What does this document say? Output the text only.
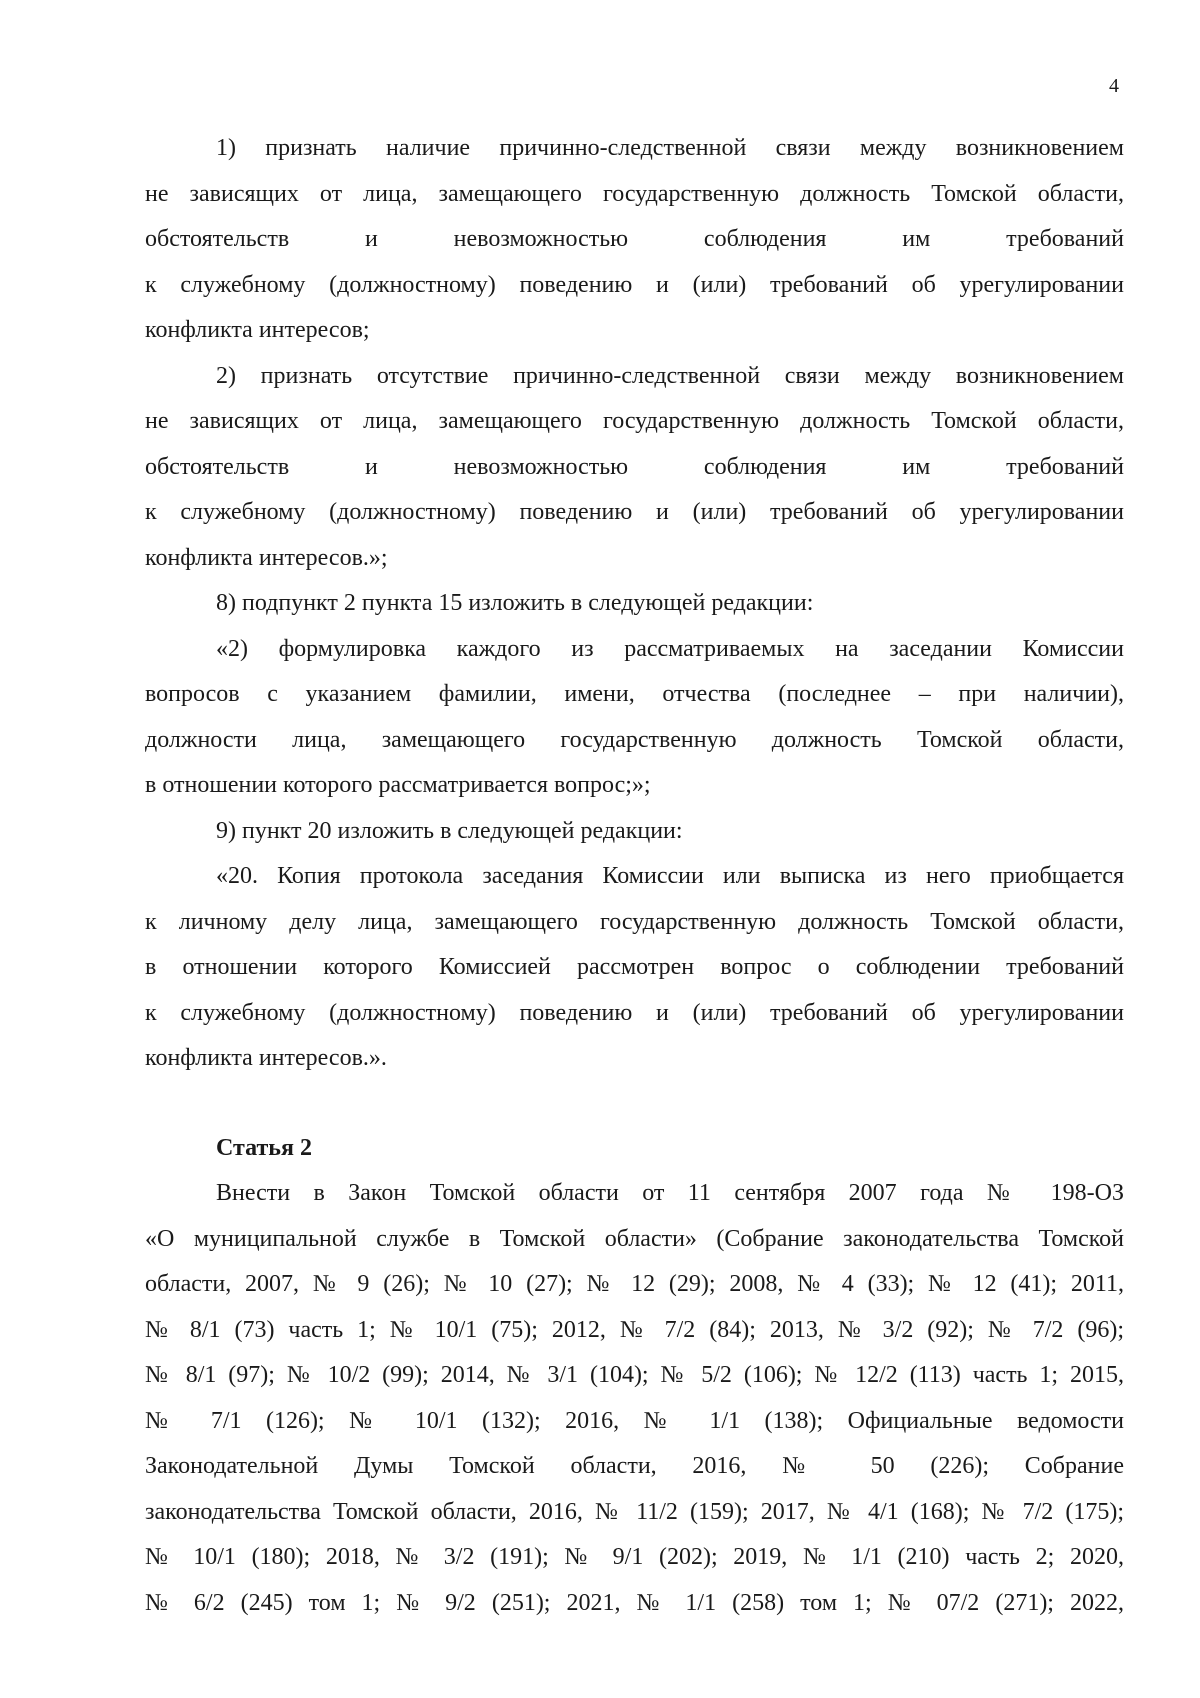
4
1) признать наличие причинно-следственной связи между возникновением
не зависящих от лица, замещающего государственную должность Томской области,
обстоятельств и невозможностью соблюдения им требований
к служебному (должностному) поведению и (или) требований об урегулировании
конфликта интересов;
2) признать отсутствие причинно-следственной связи между возникновением
не зависящих от лица, замещающего государственную должность Томской области,
обстоятельств и невозможностью соблюдения им требований
к служебному (должностному) поведению и (или) требований об урегулировании
конфликта интересов.»;
8) подпункт 2 пункта 15 изложить в следующей редакции:
«2) формулировка каждого из рассматриваемых на заседании Комиссии
вопросов с указанием фамилии, имени, отчества (последнее – при наличии),
должности лица, замещающего государственную должность Томской области,
в отношении которого рассматривается вопрос;»;
9) пункт 20 изложить в следующей редакции:
«20. Копия протокола заседания Комиссии или выписка из него приобщается
к личному делу лица, замещающего государственную должность Томской области,
в отношении которого Комиссией рассмотрен вопрос о соблюдении требований
к служебному (должностному) поведению и (или) требований об урегулировании
конфликта интересов.».
Статья 2
Внести в Закон Томской области от 11 сентября 2007 года № 198-ОЗ
«О муниципальной службе в Томской области» (Собрание законодательства Томской
области, 2007, № 9 (26); № 10 (27); № 12 (29); 2008, № 4 (33); № 12 (41); 2011,
№ 8/1 (73) часть 1; № 10/1 (75); 2012, № 7/2 (84); 2013, № 3/2 (92); № 7/2 (96);
№ 8/1 (97); № 10/2 (99); 2014, № 3/1 (104); № 5/2 (106); № 12/2 (113) часть 1; 2015,
№ 7/1 (126); № 10/1 (132); 2016, № 1/1 (138); Официальные ведомости
Законодательной Думы Томской области, 2016, № 50 (226); Собрание
законодательства Томской области, 2016, № 11/2 (159); 2017, № 4/1 (168); № 7/2 (175);
№ 10/1 (180); 2018, № 3/2 (191); № 9/1 (202); 2019, № 1/1 (210) часть 2; 2020,
№ 6/2 (245) том 1; № 9/2 (251); 2021, № 1/1 (258) том 1; № 07/2 (271); 2022,
